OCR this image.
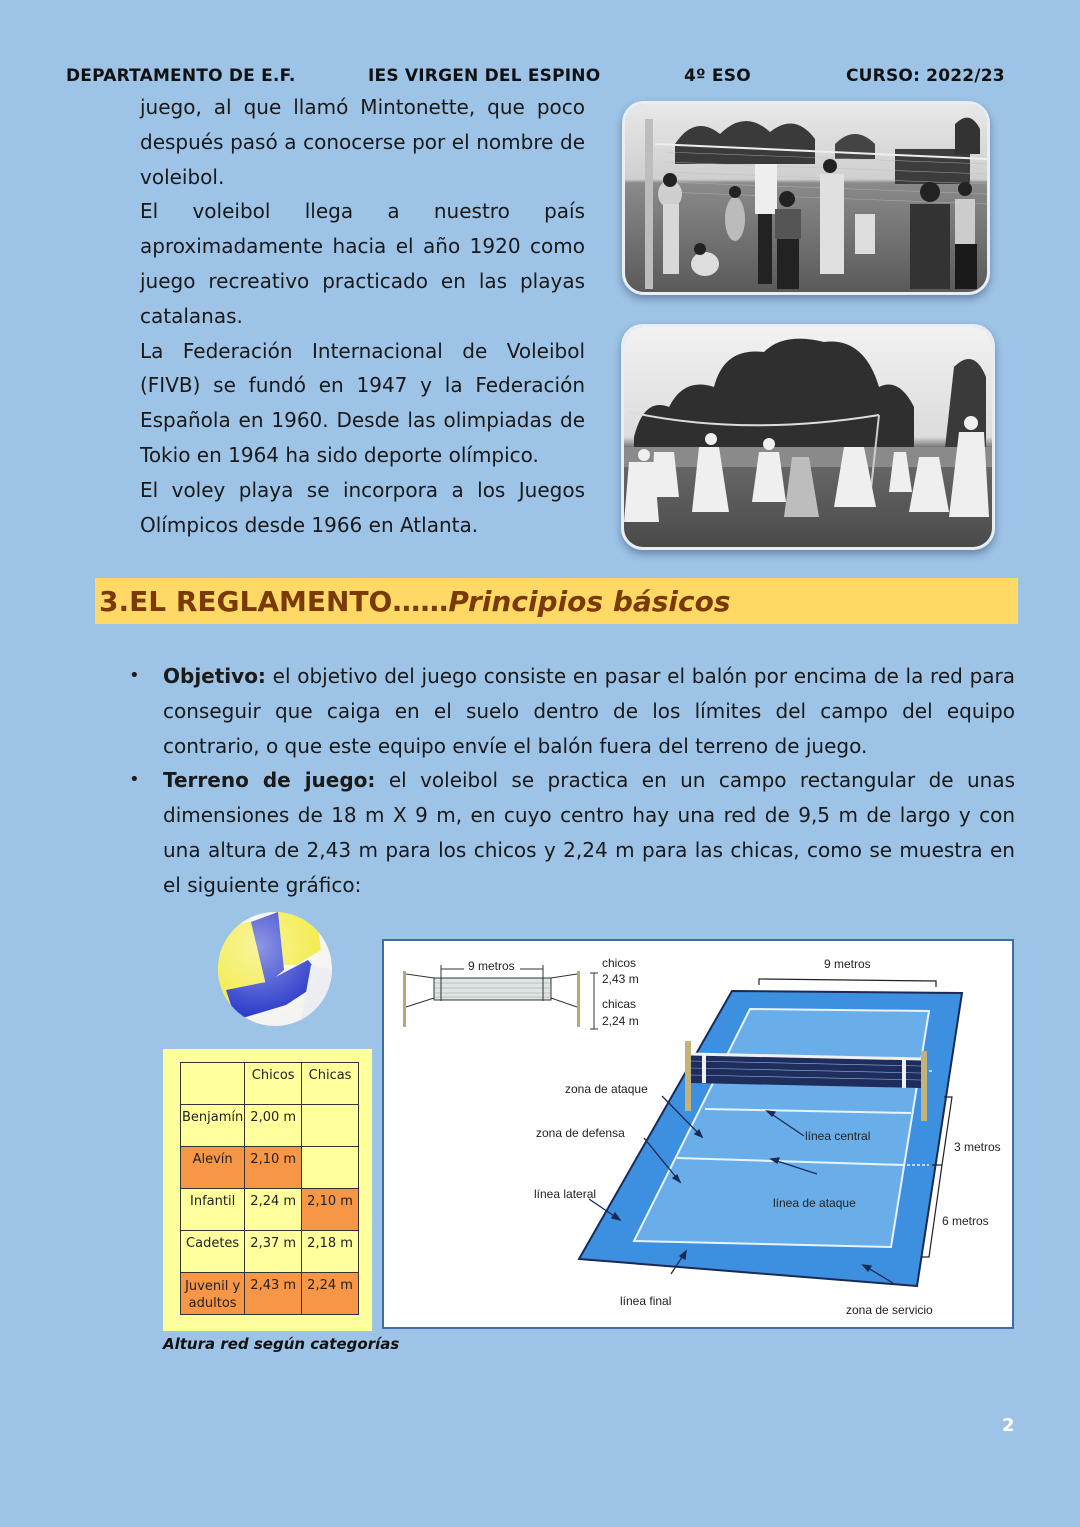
DEPARTAMENTO DE E.F.	IES VIRGEN DEL ESPINO	4º ESO	CURSO: 2022/23

juego, al que llamó Mintonette, que poco después pasó a conocerse por el nombre de voleibol.

El voleibol llega a nuestro país aproximadamente hacia el año 1920 como juego recreativo practicado en las playas catalanas.

La Federación Internacional de Voleibol (FIVB) se fundó en 1947 y la Federación Española en 1960. Desde las olimpiadas de Tokio en 1964 ha sido deporte olímpico.

El voley playa se incorpora a los Juegos Olímpicos desde 1966 en Atlanta.

3.EL REGLAMENTO…… Principios básicos

• Objetivo: el objetivo del juego consiste en pasar el balón por encima de la red para conseguir que caiga en el suelo dentro de los límites del campo del equipo contrario, o que este equipo envíe el balón fuera del terreno de juego.

• Terreno de juego: el voleibol se practica en un campo rectangular de unas dimensiones de 18 m X 9 m, en cuyo centro hay una red de 9,5 m de largo y con una altura de 2,43 m para los chicos y 2,24 m para las chicas, como se muestra en el siguiente gráfico:

	Chicos	Chicas
Benjamín	2,00 m	
Alevín	2,10 m	
Infantil	2,24 m	2,10 m
Cadetes	2,37 m	2,18 m
Juvenil y adultos	2,43 m	2,24 m
Altura red según categorías
9 metros	chicos
2,43 m
chicas
2,24 m
9 metros
zona de ataque
zona de defensa
línea lateral
línea final
línea central
línea de ataque
3 metros
6 metros
zona de servicio
2
